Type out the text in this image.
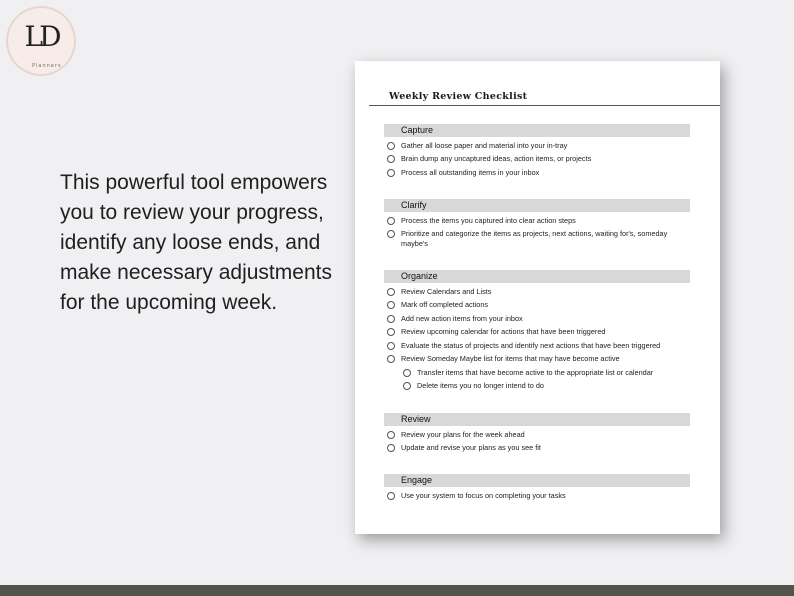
LD
Planners

This powerful tool empowers you to review your progress, identify any loose ends, and make necessary adjustments for the upcoming week.

Weekly Review Checklist
Capture
Gather all loose paper and material into your in-tray
Brain dump any uncaptured ideas, action items, or projects
Process all outstanding items in your inbox
Clarify
Process the items you captured into clear action steps
Prioritize and categorize the items as projects, next actions, waiting for's, someday maybe's
Organize
Review Calendars and Lists
Mark off completed actions
Add new action items from your inbox
Review upcoming calendar for actions that have been triggered
Evaluate the status of projects and identify next actions that have been triggered
Review Someday Maybe list for items that may have become active
Transfer items that have become active to the appropriate list or calendar
Delete items you no longer intend to do
Review
Review your plans for the week ahead
Update and revise your plans as you see fit
Engage
Use your system to focus on completing your tasks
